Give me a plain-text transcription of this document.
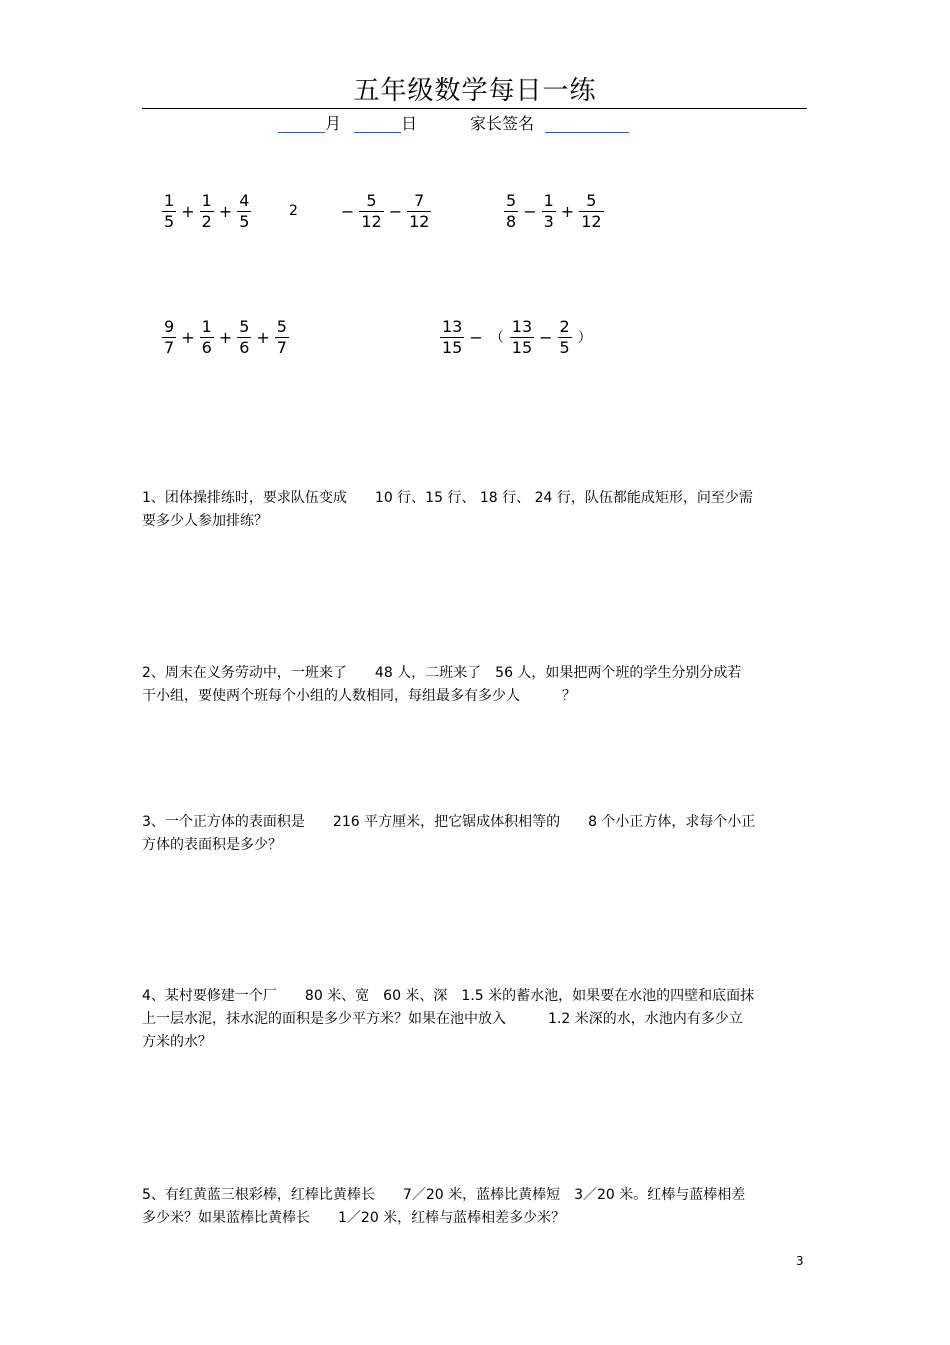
五年级数学每日一练
月	日	家长签名
$\frac{1}{5} + \frac{1}{2} + \frac{4}{5}$	2	− $\frac{5}{12} - \frac{7}{12}$	$\frac{5}{8} - \frac{1}{3} + \frac{5}{12}$
$\frac{9}{7} + \frac{1}{6} + \frac{5}{6} + \frac{5}{7}$	$\frac{13}{15}$ − （ $\frac{13}{15} - \frac{2}{5}$ ）
1、团体操排练时，要求队伍变成　　10 行、15 行、 18 行、 24 行，队伍都能成矩形，问至少需
要多少人参加排练？
2、周末在义务劳动中，一班来了　　48 人，二班来了　56 人，如果把两个班的学生分别分成若
干小组，要使两个班每个小组的人数相同，每组最多有多少人　　　？
3、一个正方体的表面积是　　216 平方厘米，把它锯成体积相等的　　8 个小正方体，求每个小正
方体的表面积是多少？
4、某村要修建一个厂　　80 米、宽　60 米、深　1.5 米的蓄水池，如果要在水池的四壁和底面抹
上一层水泥，抹水泥的面积是多少平方米？如果在池中放入　　　1.2 米深的水，水池内有多少立
方米的水？
5、有红黄蓝三根彩棒，红棒比黄棒长　　7／20 米，蓝棒比黄棒短　3／20 米。红棒与蓝棒相差
多少米？如果蓝棒比黄棒长　　1／20 米，红棒与蓝棒相差多少米？
3
